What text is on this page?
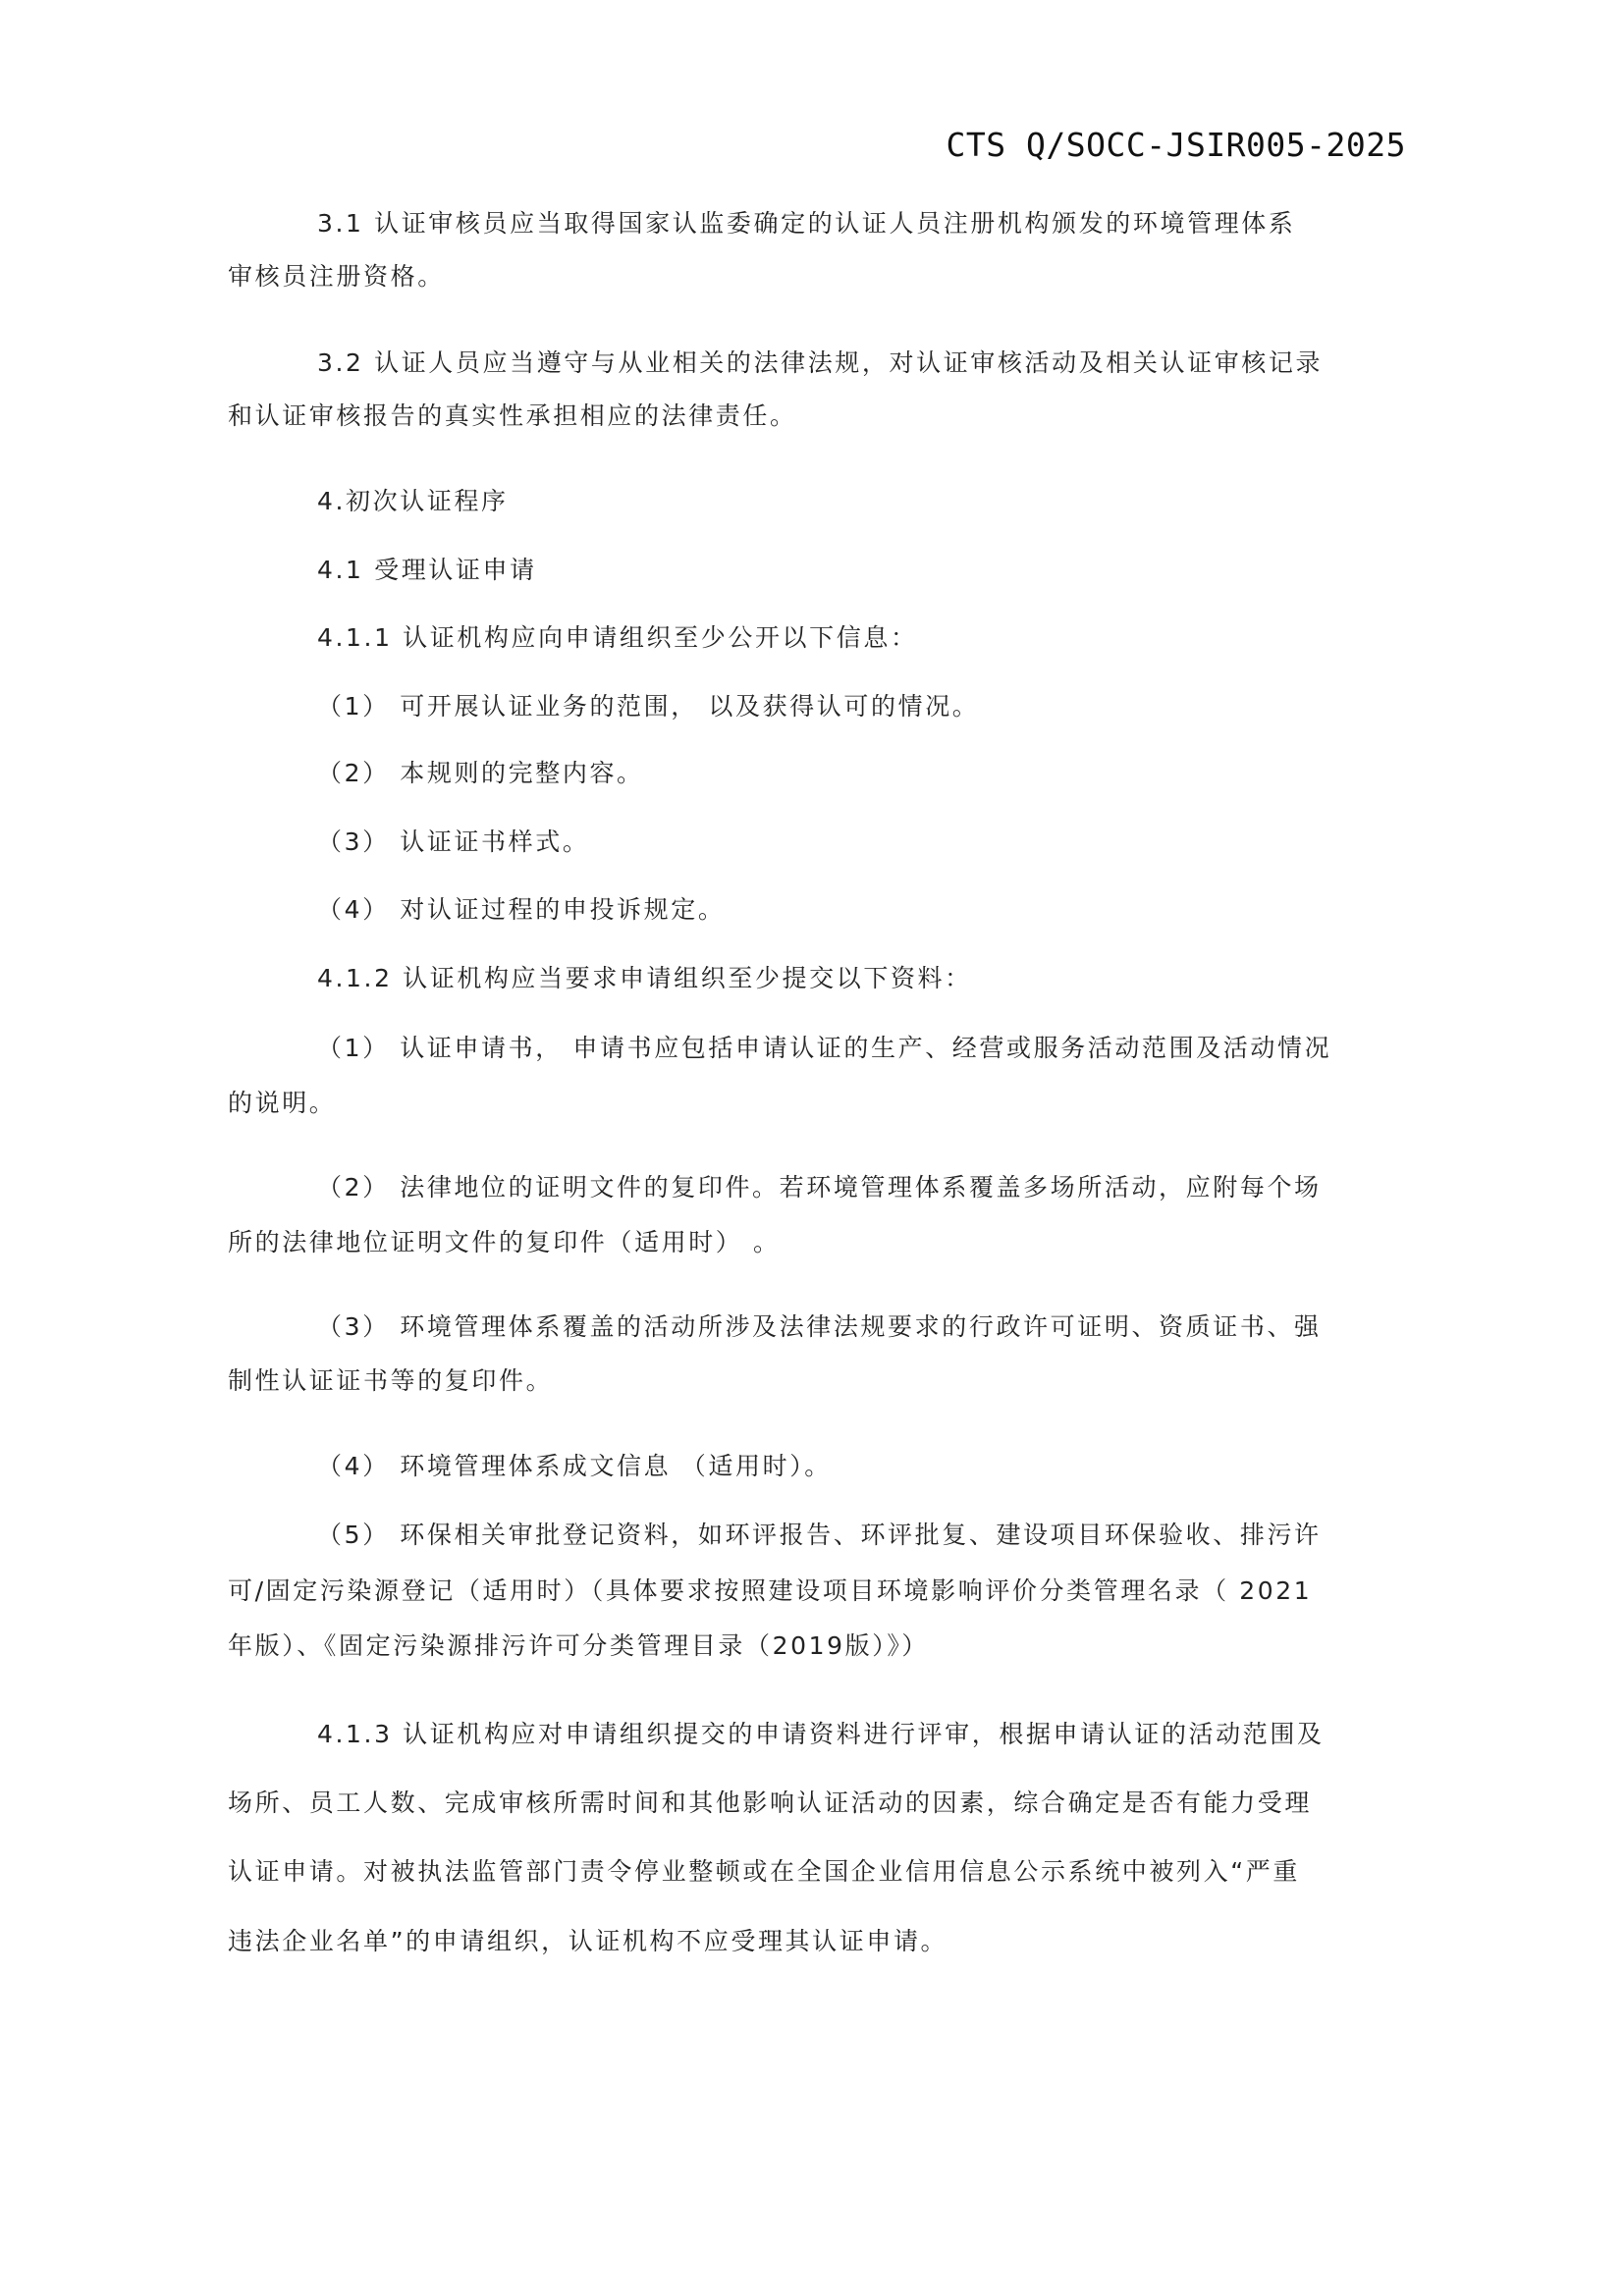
CTS Q/SOCC-JSIR005-2025
3.1 认证审核员应当取得国家认监委确定的认证人员注册机构颁发的环境管理体系
审核员注册资格。
3.2 认证人员应当遵守与从业相关的法律法规，对认证审核活动及相关认证审核记录
和认证审核报告的真实性承担相应的法律责任。
4.初次认证程序
4.1 受理认证申请
4.1.1 认证机构应向申请组织至少公开以下信息：
（1） 可开展认证业务的范围， 以及获得认可的情况。
（2） 本规则的完整内容。
（3） 认证证书样式。
（4） 对认证过程的申投诉规定。
4.1.2 认证机构应当要求申请组织至少提交以下资料：
（1） 认证申请书， 申请书应包括申请认证的生产、经营或服务活动范围及活动情况
的说明。
（2） 法律地位的证明文件的复印件。若环境管理体系覆盖多场所活动，应附每个场
所的法律地位证明文件的复印件（适用时） 。
（3） 环境管理体系覆盖的活动所涉及法律法规要求的行政许可证明、资质证书、强
制性认证证书等的复印件。
（4） 环境管理体系成文信息 （适用时）。
（5） 环保相关审批登记资料，如环评报告、环评批复、建设项目环保验收、排污许
可/固定污染源登记（适用时）（具体要求按照建设项目环境影响评价分类管理名录（ 2021
年版）、《固定污染源排污许可分类管理目录（2019版）》）
4.1.3 认证机构应对申请组织提交的申请资料进行评审，根据申请认证的活动范围及
场所、员工人数、完成审核所需时间和其他影响认证活动的因素，综合确定是否有能力受理
认证申请。对被执法监管部门责令停业整顿或在全国企业信用信息公示系统中被列入“严重
违法企业名单”的申请组织，认证机构不应受理其认证申请。
